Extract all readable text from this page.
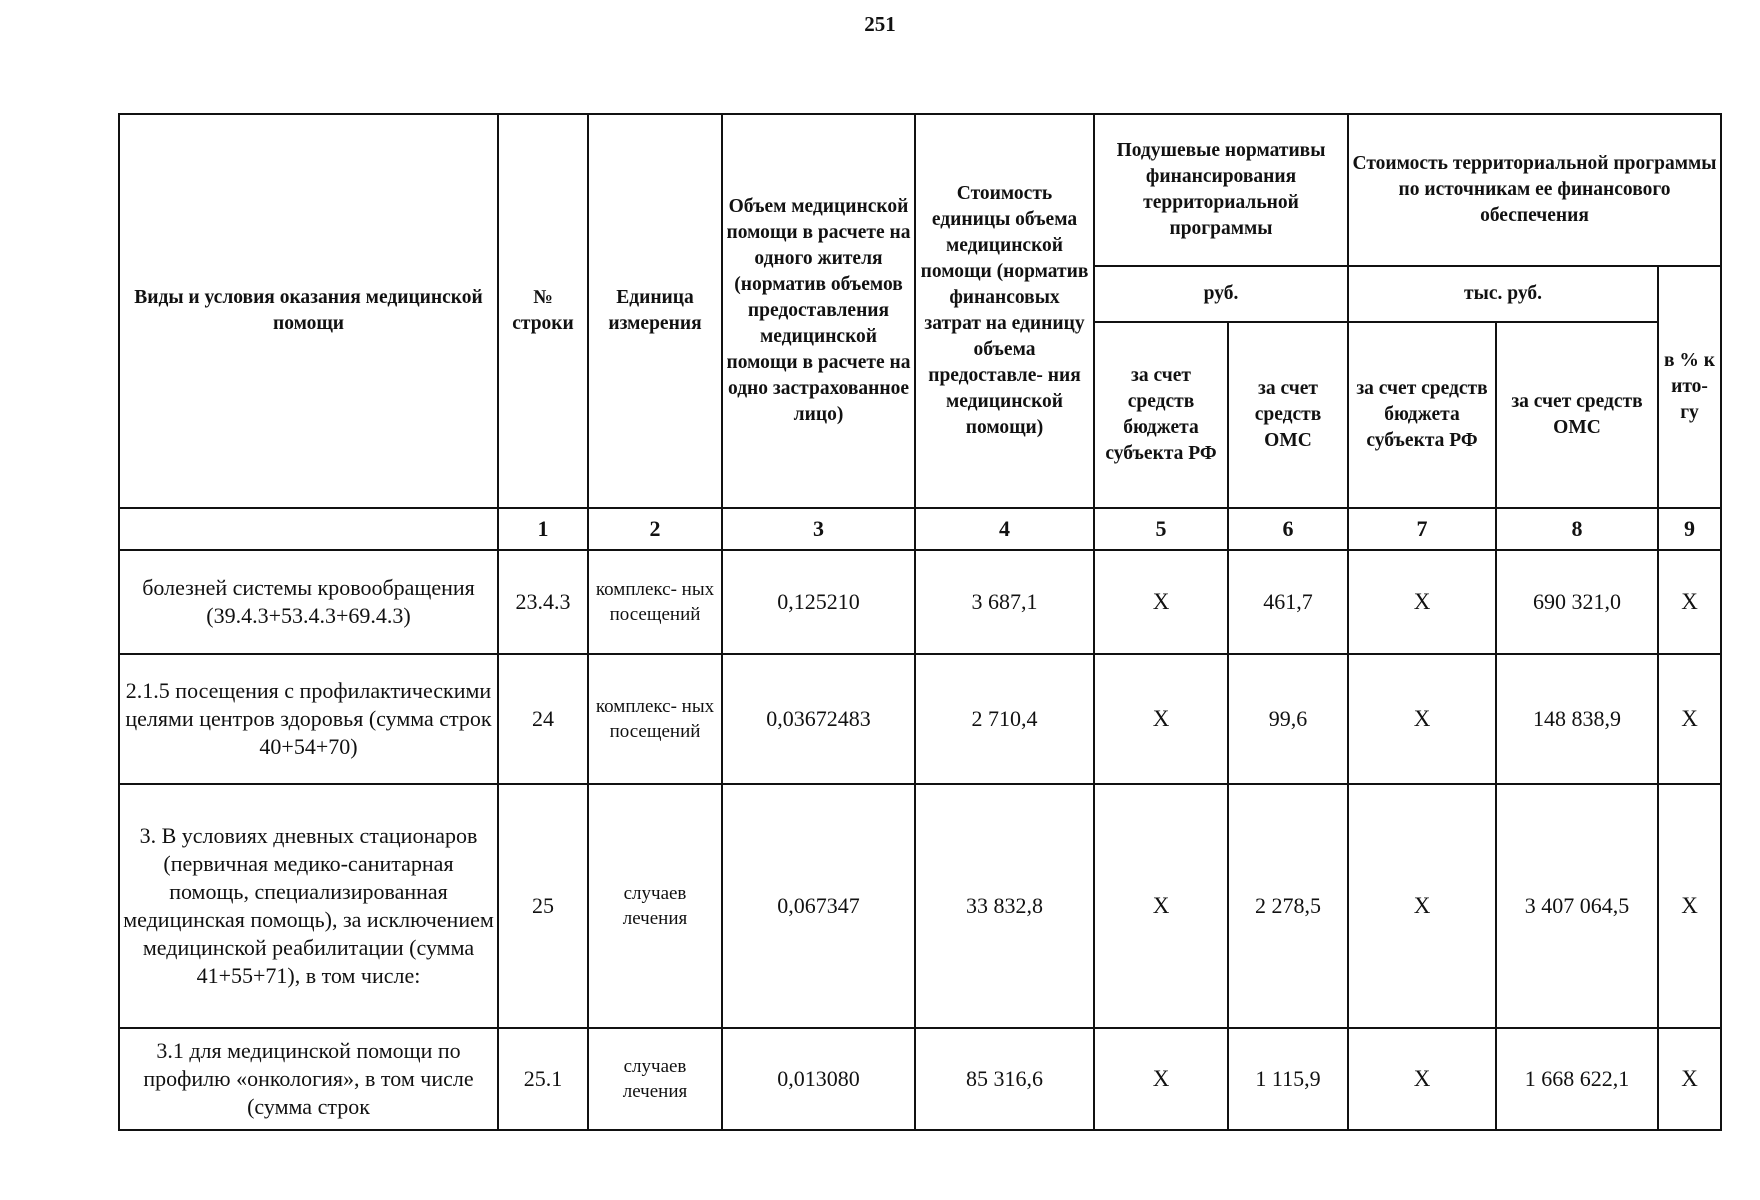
251
Виды и условия оказания медицинской помощи	№ строки	Единица измерения	Объем медицинской помощи в расчете на одного жителя (норматив объемов предоставления медицинской помощи в расчете на одно застрахованное лицо)	Стоимость единицы объема медицинской помощи (норматив финансовых затрат на единицу объема предоставле- ния медицинской помощи)	Подушевые нормативы финансирования территориальной программы		Стоимость территориальной программы по источникам ее финансового обеспечения		
					руб.		тыс. руб.		в % к ито- гу
					за счет средств бюджета субъекта РФ	за счет средств ОМС	за счет средств бюджета субъекта РФ	за счет средств ОМС	
	1	2	3	4	5	6	7	8	9
болезней системы кровообращения (39.4.3+53.4.3+69.4.3)	23.4.3	комплекс- ных посещений	0,125210	3 687,1	X	461,7	X	690 321,0	X
2.1.5 посещения с профилактическими целями центров здоровья (сумма строк 40+54+70)	24	комплекс- ных посещений	0,03672483	2 710,4	X	99,6	X	148 838,9	X
3. В условиях дневных стационаров (первичная медико-санитарная помощь, специализированная медицинская помощь), за исключением медицинской реабилитации (сумма 41+55+71), в том числе:	25	случаев лечения	0,067347	33 832,8	X	2 278,5	X	3 407 064,5	X
3.1 для медицинской помощи по профилю «онкология», в том числе (сумма строк	25.1	случаев лечения	0,013080	85 316,6	X	1 115,9	X	1 668 622,1	X
